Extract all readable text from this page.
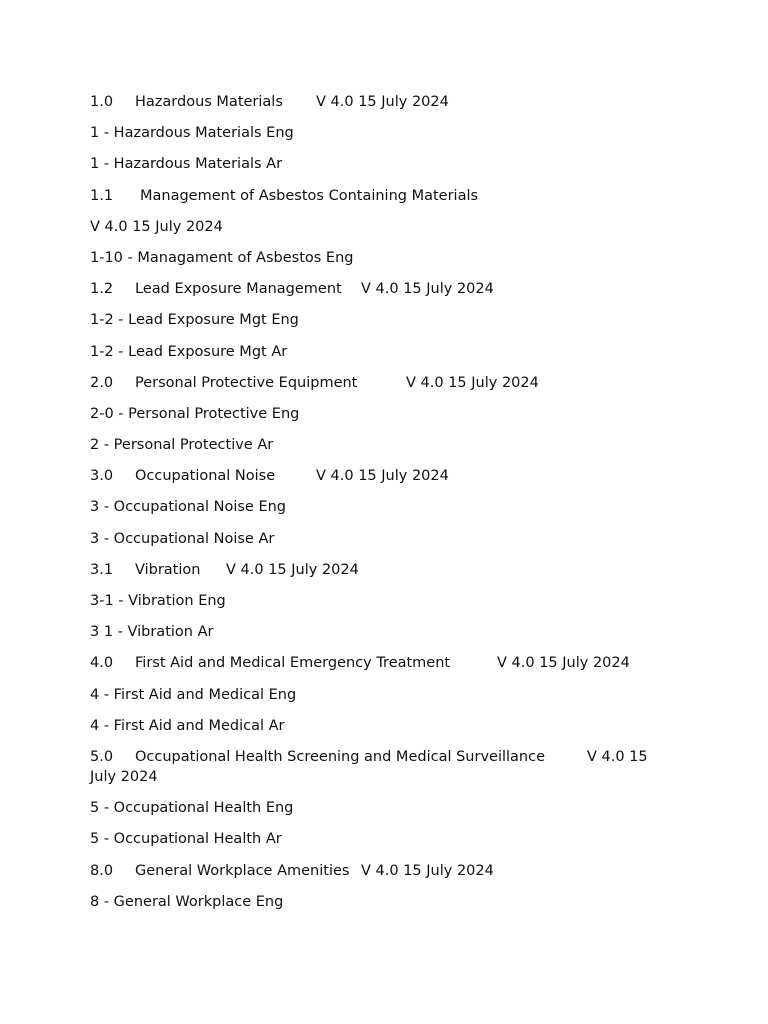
1.0 Hazardous Materials V 4.0 15 July 2024
1 - Hazardous Materials Eng
1 - Hazardous Materials Ar
1.1 Management of Asbestos Containing Materials
V 4.0 15 July 2024
1-10 - Managament of Asbestos Eng
1.2 Lead Exposure Management V 4.0 15 July 2024
1-2 - Lead Exposure Mgt Eng
1-2 - Lead Exposure Mgt Ar
2.0 Personal Protective Equipment	V 4.0 15 July 2024
2-0 - Personal Protective Eng
2 - Personal Protective Ar
3.0 Occupational Noise	V 4.0 15 July 2024
3 - Occupational Noise Eng
3 - Occupational Noise Ar
3.1 Vibration V 4.0 15 July 2024
3-1 - Vibration Eng
3 1 - Vibration Ar
4.0 First Aid and Medical Emergency Treatment	V 4.0 15 July 2024
4 - First Aid and Medical Eng
4 - First Aid and Medical Ar
5.0 Occupational Health Screening and Medical Surveillance	V 4.0 15 July 2024
5 - Occupational Health Eng
5 - Occupational Health Ar
8.0 General Workplace Amenities V 4.0 15 July 2024
8 - General Workplace Eng
